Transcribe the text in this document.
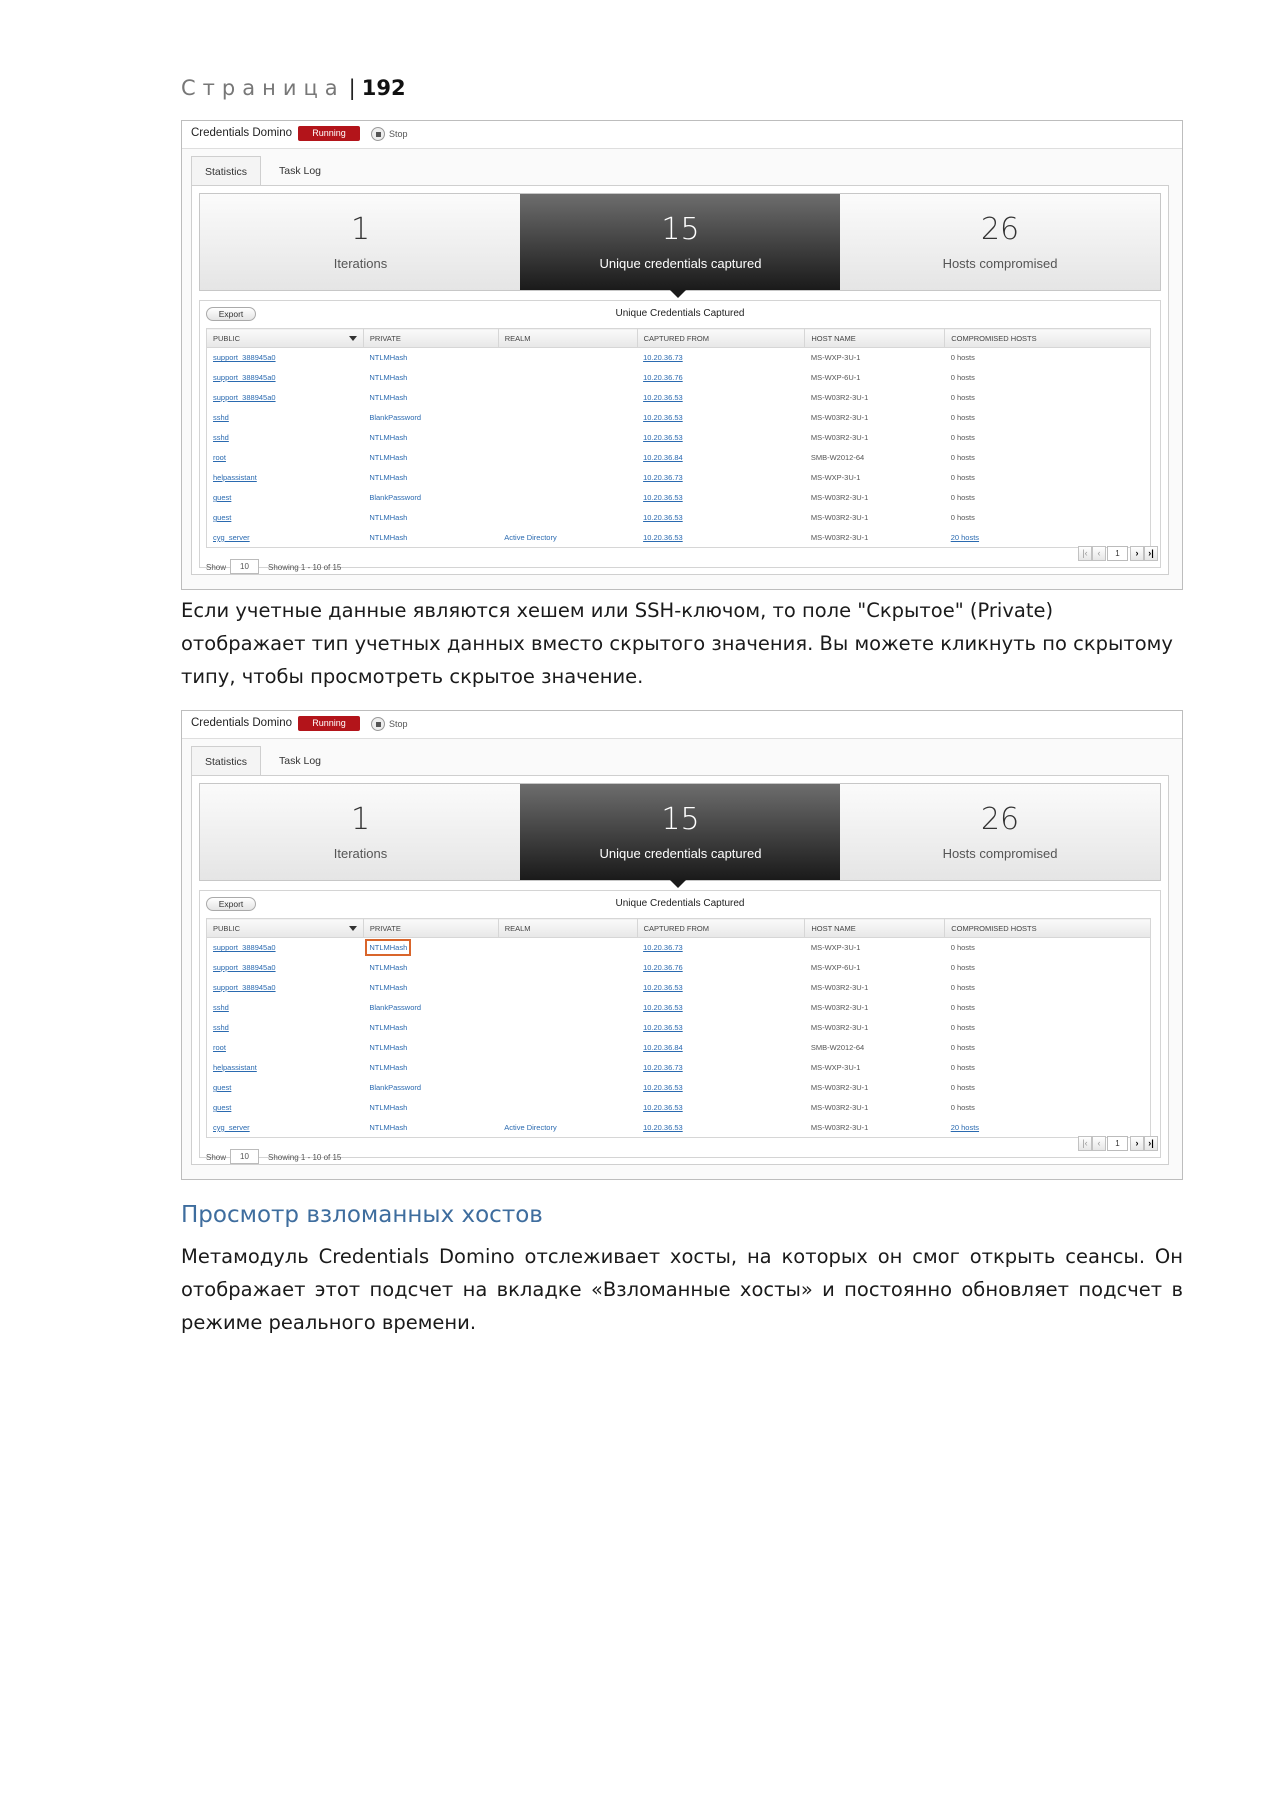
Страница | 192
Credentials Domino	Running	Stop
Statistics	Task Log
1
Iterations
15
Unique credentials captured
26
Hosts compromised
Export	Unique Credentials Captured
PUBLIC	PRIVATE	REALM	CAPTURED FROM	HOST NAME	COMPROMISED HOSTS
support_388945a0	NTLMHash		10.20.36.73	MS-WXP-3U-1	0 hosts
support_388945a0	NTLMHash		10.20.36.76	MS-WXP-6U-1	0 hosts
support_388945a0	NTLMHash		10.20.36.53	MS-W03R2-3U-1	0 hosts
sshd	BlankPassword		10.20.36.53	MS-W03R2-3U-1	0 hosts
sshd	NTLMHash		10.20.36.53	MS-W03R2-3U-1	0 hosts
root	NTLMHash		10.20.36.84	SMB-W2012-64	0 hosts
helpassistant	NTLMHash		10.20.36.73	MS-WXP-3U-1	0 hosts
guest	BlankPassword		10.20.36.53	MS-W03R2-3U-1	0 hosts
guest	NTLMHash		10.20.36.53	MS-W03R2-3U-1	0 hosts
cyg_server	NTLMHash	Active Directory	10.20.36.53	MS-W03R2-3U-1	20 hosts
Show	10	Showing 1 - 10 of 15
|‹	‹	1	›	›|
Если учетные данные являются хешем или SSH-ключом, то поле "Скрытое" (Private) отображает тип учетных данных вместо скрытого значения. Вы можете кликнуть по скрытому типу, чтобы просмотреть скрытое значение.
Credentials Domino	Running	Stop
Statistics	Task Log
1
Iterations
15
Unique credentials captured
26
Hosts compromised
Export	Unique Credentials Captured
PUBLIC	PRIVATE	REALM	CAPTURED FROM	HOST NAME	COMPROMISED HOSTS
support_388945a0	NTLMHash		10.20.36.73	MS-WXP-3U-1	0 hosts
support_388945a0	NTLMHash		10.20.36.76	MS-WXP-6U-1	0 hosts
support_388945a0	NTLMHash		10.20.36.53	MS-W03R2-3U-1	0 hosts
sshd	BlankPassword		10.20.36.53	MS-W03R2-3U-1	0 hosts
sshd	NTLMHash		10.20.36.53	MS-W03R2-3U-1	0 hosts
root	NTLMHash		10.20.36.84	SMB-W2012-64	0 hosts
helpassistant	NTLMHash		10.20.36.73	MS-WXP-3U-1	0 hosts
guest	BlankPassword		10.20.36.53	MS-W03R2-3U-1	0 hosts
guest	NTLMHash		10.20.36.53	MS-W03R2-3U-1	0 hosts
cyg_server	NTLMHash	Active Directory	10.20.36.53	MS-W03R2-3U-1	20 hosts
Show	10	Showing 1 - 10 of 15
|‹	‹	1	›	›|
Просмотр взломанных хостов
Метамодуль Credentials Domino отслеживает хосты, на которых он смог открыть сеансы. Он отображает этот подсчет на вкладке «Взломанные хосты» и постоянно обновляет подсчет в режиме реального времени.
